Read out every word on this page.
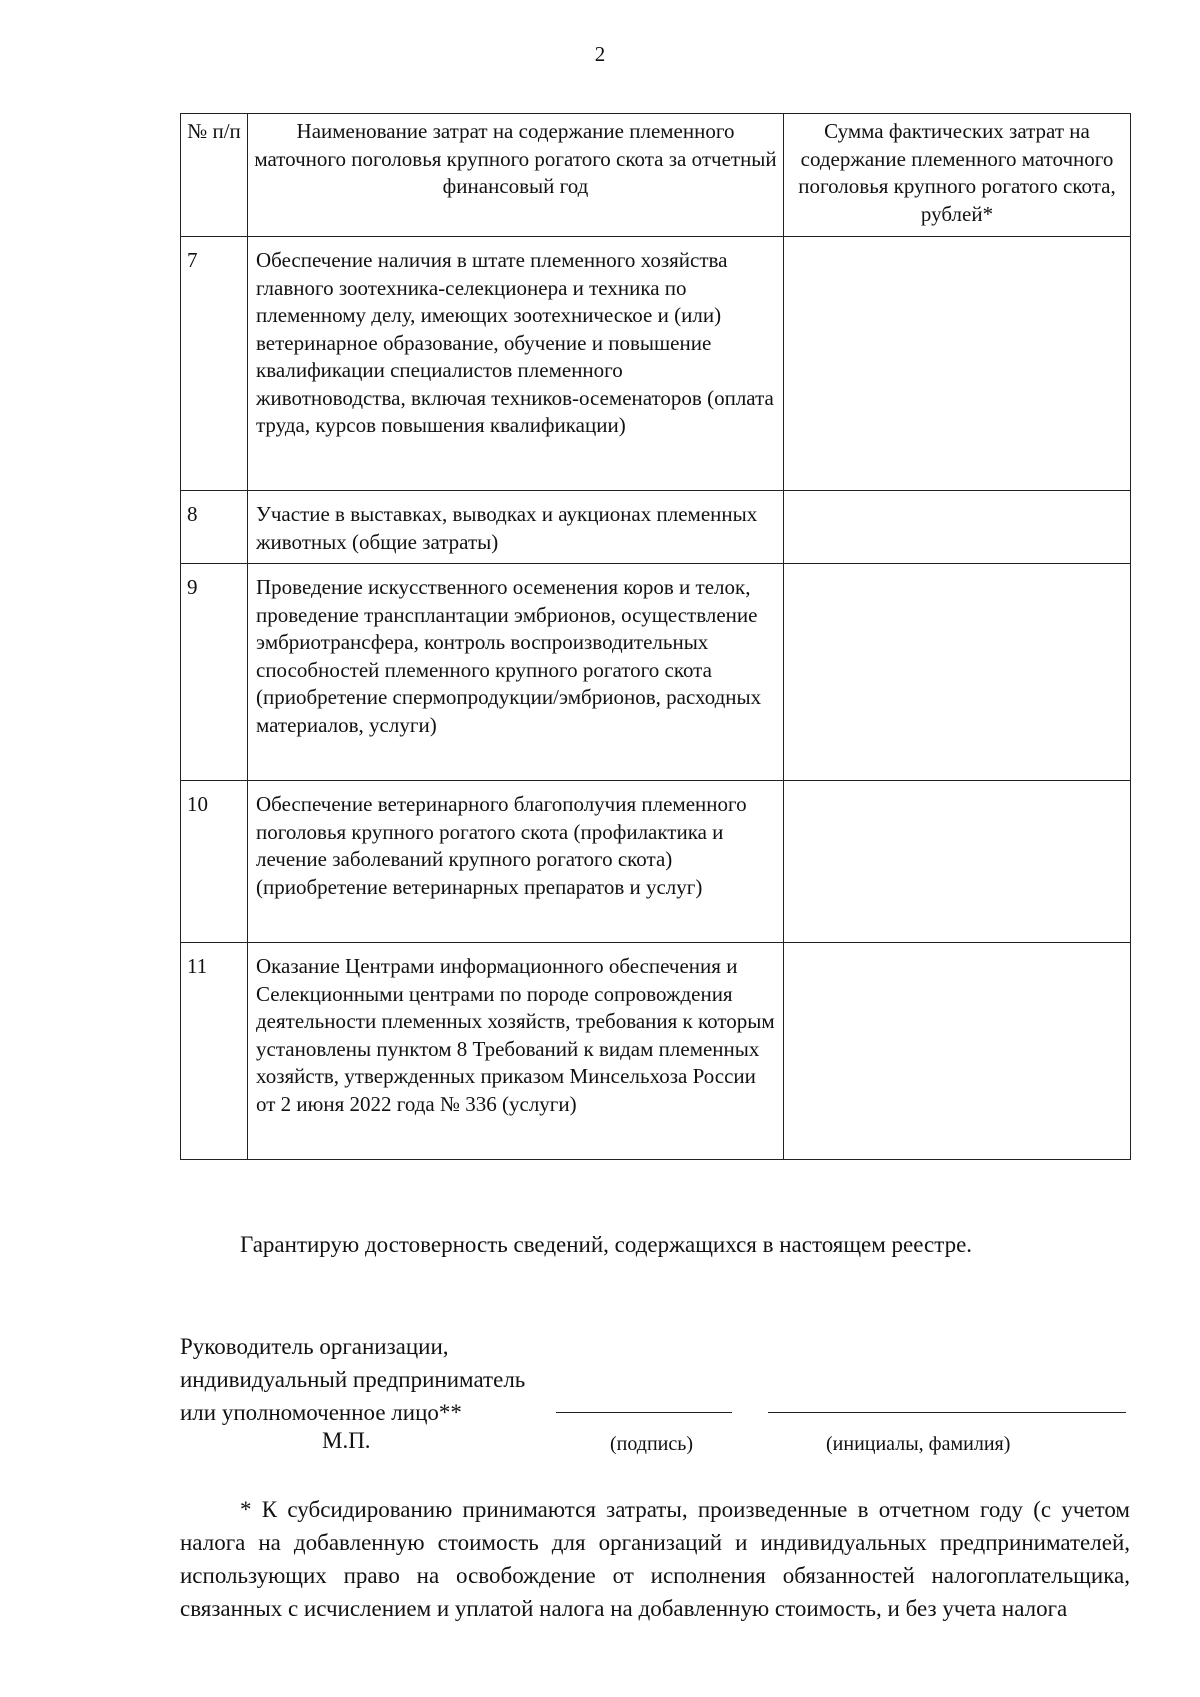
2
№ п/п	Наименование затрат на содержание племенного маточного поголовья крупного рогатого скота за отчетный финансовый год	Сумма фактических затрат на содержание племенного маточного поголовья крупного рогатого скота, рублей*
7	Обеспечение наличия в штате племенного хозяйства главного зоотехника-селекционера и техника по племенному делу, имеющих зоотехническое и (или) ветеринарное образование, обучение и повышение квалификации специалистов племенного животноводства, включая техников-осеменаторов (оплата труда, курсов повышения квалификации)	
8	Участие в выставках, выводках и аукционах племенных животных (общие затраты)	
9	Проведение искусственного осеменения коров и телок, проведение трансплантации эмбрионов, осуществление эмбриотрансфера, контроль воспроизводительных способностей племенного крупного рогатого скота (приобретение спермопродукции/эмбрионов, расходных материалов, услуги)	
10	Обеспечение ветеринарного благополучия племенного поголовья крупного рогатого скота (профилактика и лечение заболеваний крупного рогатого скота) (приобретение ветеринарных препаратов и услуг)	
11	Оказание Центрами информационного обеспечения и Селекционными центрами по породе сопровождения деятельности племенных хозяйств, требования к которым установлены пунктом 8 Требований к видам племенных хозяйств, утвержденных приказом Минсельхоза России от 2 июня 2022 года № 336 (услуги)	

Гарантирую достоверность сведений, содержащихся в настоящем реестре.

Руководитель организации,
индивидуальный предприниматель
или уполномоченное лицо**
М.П.	(подпись)	(инициалы, фамилия)

* К субсидированию принимаются затраты, произведенные в отчетном году (с учетом налога на добавленную стоимость для организаций и индивидуальных предпринимателей, использующих право на освобождение от исполнения обязанностей налогоплательщика, связанных с исчислением и уплатой налога на добавленную стоимость, и без учета налога
